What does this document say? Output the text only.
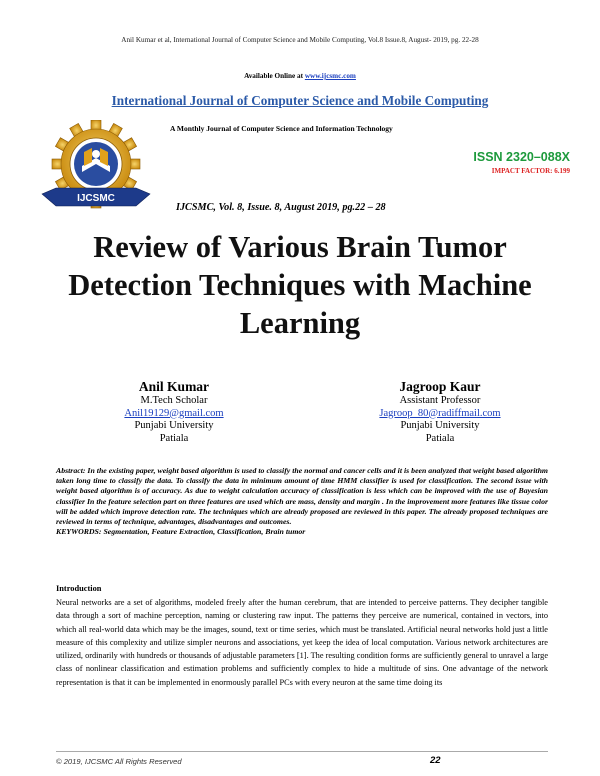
Anil Kumar et al, International Journal of Computer Science and Mobile Computing, Vol.8 Issue.8, August- 2019, pg. 22-28
Available Online at www.ijcsmc.com
International Journal of Computer Science and Mobile Computing
A Monthly Journal of Computer Science and Information Technology
IJCSMC
ISSN 2320–088X
IMPACT FACTOR: 6.199
IJCSMC, Vol. 8, Issue. 8, August 2019, pg.22 – 28
Review of Various Brain Tumor Detection Techniques with Machine Learning
Anil Kumar
M.Tech Scholar
Anil19129@gmail.com
Punjabi University
Patiala
Jagroop Kaur
Assistant Professor
Jagroop_80@radiffmail.com
Punjabi University
Patiala
Abstract: In the existing paper, weight based algorithm is used to classify the normal and cancer cells and it is been analyzed that weight based algorithm taken long time to classify the data. To classify the data in minimum amount of time HMM classifier is used for classification. The second issue with weight based algorithm is of accuracy. As due to weight calculation accuracy of classification is less which can be improved with the use of Bayesian classifier In the feature selection part on three features are used which are mass, density and margin . In the improvement more features like tissue color will be added which improve detection rate. The techniques which are already proposed are reviewed in this paper. The already proposed techniques are reviewed in terms of technique, advantages, disadvantages and outcomes.
KEYWORDS: Segmentation, Feature Extraction, Classification, Brain tumor
Introduction
Neural networks are a set of algorithms, modeled freely after the human cerebrum, that are intended to perceive patterns. They decipher tangible data through a sort of machine perception, naming or clustering raw input. The patterns they perceive are numerical, contained in vectors, into which all real-world data which may be the images, sound, text or time series, which must be translated. Artificial neural networks hold just a little measure of this complexity and utilize simpler neurons and associations, yet keep the idea of local computation. Various network architectures are utilized, ordinarily with hundreds or thousands of adjustable parameters [1]. The resulting condition forms are sufficiently general to unravel a large class of nonlinear classification and estimation problems and sufficiently complex to hide a multitude of sins. One advantage of the network representation is that it can be implemented in enormously parallel PCs with every neuron at the same time doing its
© 2019, IJCSMC All Rights Reserved	22
